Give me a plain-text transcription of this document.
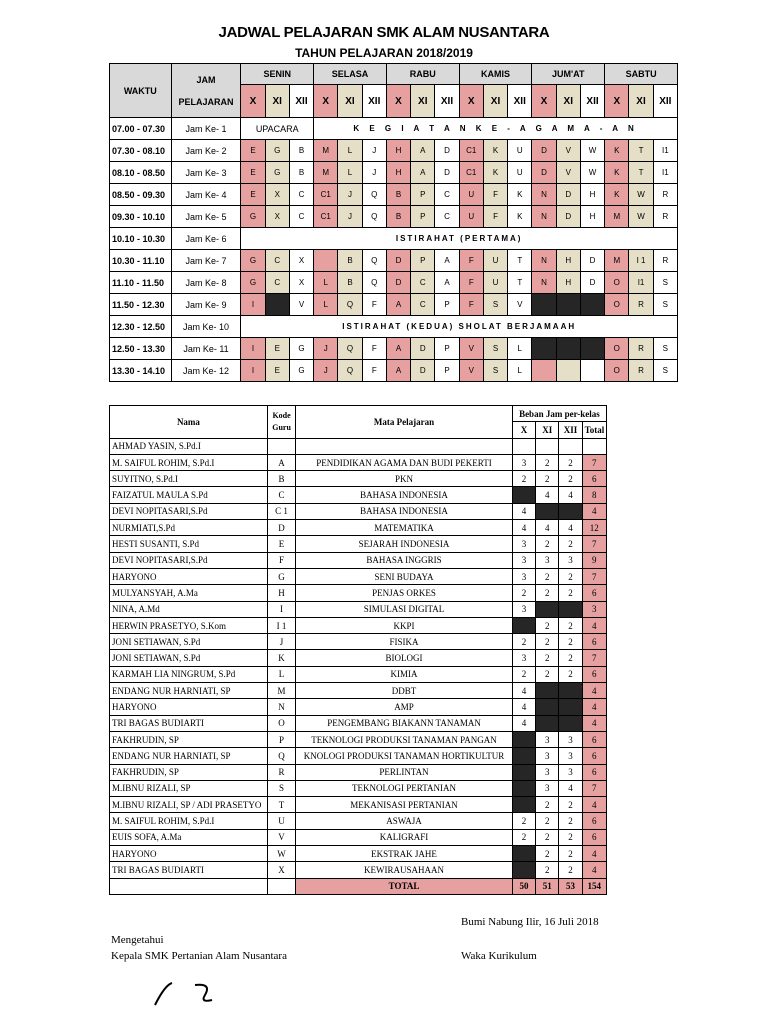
JADWAL PELAJARAN SMK ALAM NUSANTARA
TAHUN PELAJARAN 2018/2019
WAKTU	JAM PELAJARAN	SENIN			SELASA			RABU			KAMIS			JUM'AT			SABTU		
		X	XI	XII	X	XI	XII	X	XI	XII	X	XI	XII	X	XI	XII	X	XI	XII
07.00 - 07.30	Jam Ke- 1	UPACARA			K E G I A T A N K E - A G A M A - A N														
07.30 - 08.10	Jam Ke- 2	E	G	B	M	L	J	H	A	D	C1	K	U	D	V	W	K	T	I1
08.10 - 08.50	Jam Ke- 3	E	G	B	M	L	J	H	A	D	C1	K	U	D	V	W	K	T	I1
08.50 - 09.30	Jam Ke- 4	E	X	C	C1	J	Q	B	P	C	U	F	K	N	D	H	K	W	R
09.30 - 10.10	Jam Ke- 5	G	X	C	C1	J	Q	B	P	C	U	F	K	N	D	H	M	W	R
10.10 - 10.30	Jam Ke- 6	ISTIRAHAT (PERTAMA)																	
10.30 - 11.10	Jam Ke- 7	G	C	X		B	Q	D	P	A	F	U	T	N	H	D	M	I 1	R
11.10 - 11.50	Jam Ke- 8	G	C	X	L	B	Q	D	C	A	F	U	T	N	H	D	O	I1	S
11.50 - 12.30	Jam Ke- 9	I		V	L	Q	F	A	C	P	F	S	V				O	R	S
12.30 - 12.50	Jam Ke- 10	ISTIRAHAT (KEDUA) SHOLAT BERJAMAAH																	
12.50 - 13.30	Jam Ke- 11	I	E	G	J	Q	F	A	D	P	V	S	L				O	R	S
13.30 - 14.10	Jam Ke- 12	I	E	G	J	Q	F	A	D	P	V	S	L				O	R	S
Nama	Kode Guru	Mata Pelajaran	Beban Jam per-kelas			
			X	XI	XII	Total
AHMAD YASIN, S.Pd.I						
M. SAIFUL ROHIM, S.Pd.I	A	PENDIDIKAN AGAMA DAN BUDI PEKERTI	3	2	2	7
SUYITNO, S.Pd.I	B	PKN	2	2	2	6
FAIZATUL MAULA S.Pd	C	BAHASA INDONESIA		4	4	8
DEVI NOPITASARI,S.Pd	C 1	BAHASA INDONESIA	4			4
NURMIATI,S.Pd	D	MATEMATIKA	4	4	4	12
HESTI SUSANTI, S.Pd	E	SEJARAH INDONESIA	3	2	2	7
DEVI NOPITASARI,S.Pd	F	BAHASA INGGRIS	3	3	3	9
HARYONO	G	SENI BUDAYA	3	2	2	7
MULYANSYAH, A.Ma	H	PENJAS ORKES	2	2	2	6
NINA, A.Md	I	SIMULASI DIGITAL	3			3
HERWIN PRASETYO, S.Kom	I 1	KKPI		2	2	4
JONI SETIAWAN, S.Pd	J	FISIKA	2	2	2	6
JONI SETIAWAN, S.Pd	K	BIOLOGI	3	2	2	7
KARMAH LIA NINGRUM, S.Pd	L	KIMIA	2	2	2	6
ENDANG NUR HARNIATI, SP	M	DDBT	4			4
HARYONO	N	AMP	4			4
TRI BAGAS BUDIARTI	O	PENGEMBANG BIAKANN TANAMAN	4			4
FAKHRUDIN, SP	P	TEKNOLOGI PRODUKSI TANAMAN PANGAN		3	3	6
ENDANG NUR HARNIATI, SP	Q	KNOLOGI PRODUKSI TANAMAN HORTIKULTUR		3	3	6
FAKHRUDIN, SP	R	PERLINTAN		3	3	6
M.IBNU RIZALI, SP	S	TEKNOLOGI PERTANIAN		3	4	7
M.IBNU RIZALI, SP / ADI PRASETYO	T	MEKANISASI PERTANIAN		2	2	4
M. SAIFUL ROHIM, S.Pd.I	U	ASWAJA	2	2	2	6
EUIS SOFA, A.Ma	V	KALIGRAFI	2	2	2	6
HARYONO	W	EKSTRAK JAHE		2	2	4
TRI BAGAS BUDIARTI	X	KEWIRAUSAHAAN		2	2	4
		TOTAL	50	51	53	154
Bumi Nabung Ilir, 16 Juli 2018
Mengetahui
Kepala SMK Pertanian Alam Nusantara	Waka Kurikulum
